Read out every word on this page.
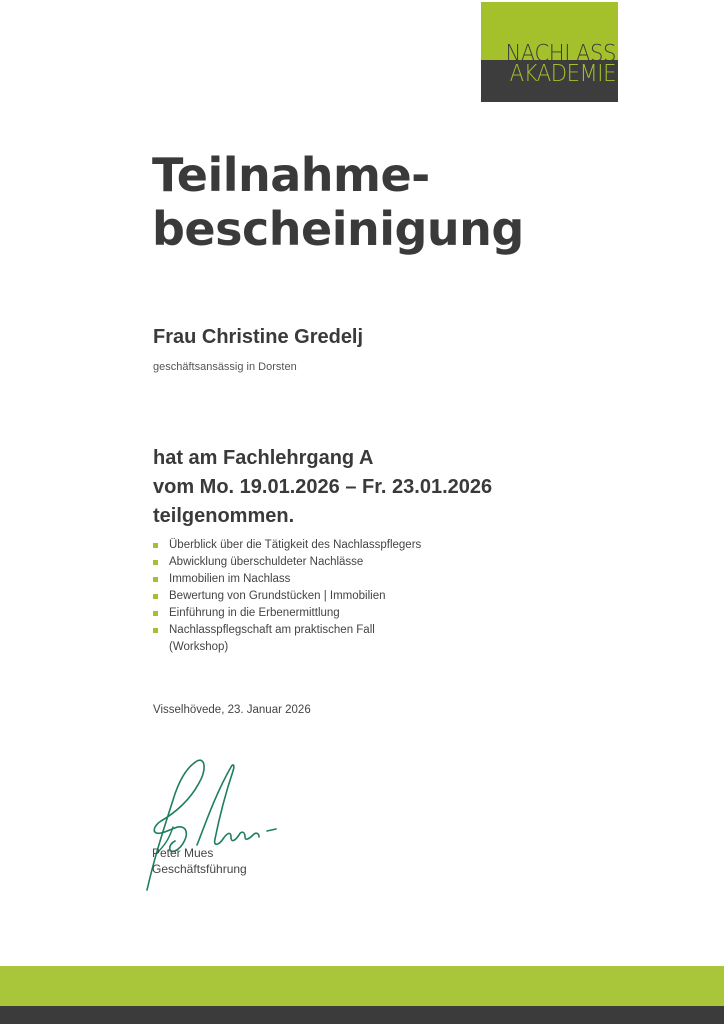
NACHLASS
AKADEMIE
Teilnahme-
bescheinigung
Frau Christine Gredelj
geschäftsansässig in Dorsten
hat am Fachlehrgang A
vom Mo. 19.01.2026 – Fr. 23.01.2026
teilgenommen.
Überblick über die Tätigkeit des Nachlasspflegers
Abwicklung überschuldeter Nachlässe
Immobilien im Nachlass
Bewertung von Grundstücken | Immobilien
Einführung in die Erbenermittlung
Nachlasspflegschaft am praktischen Fall
(Workshop)
Visselhövede, 23. Januar 2026
Peter Mues
Geschäftsführung
